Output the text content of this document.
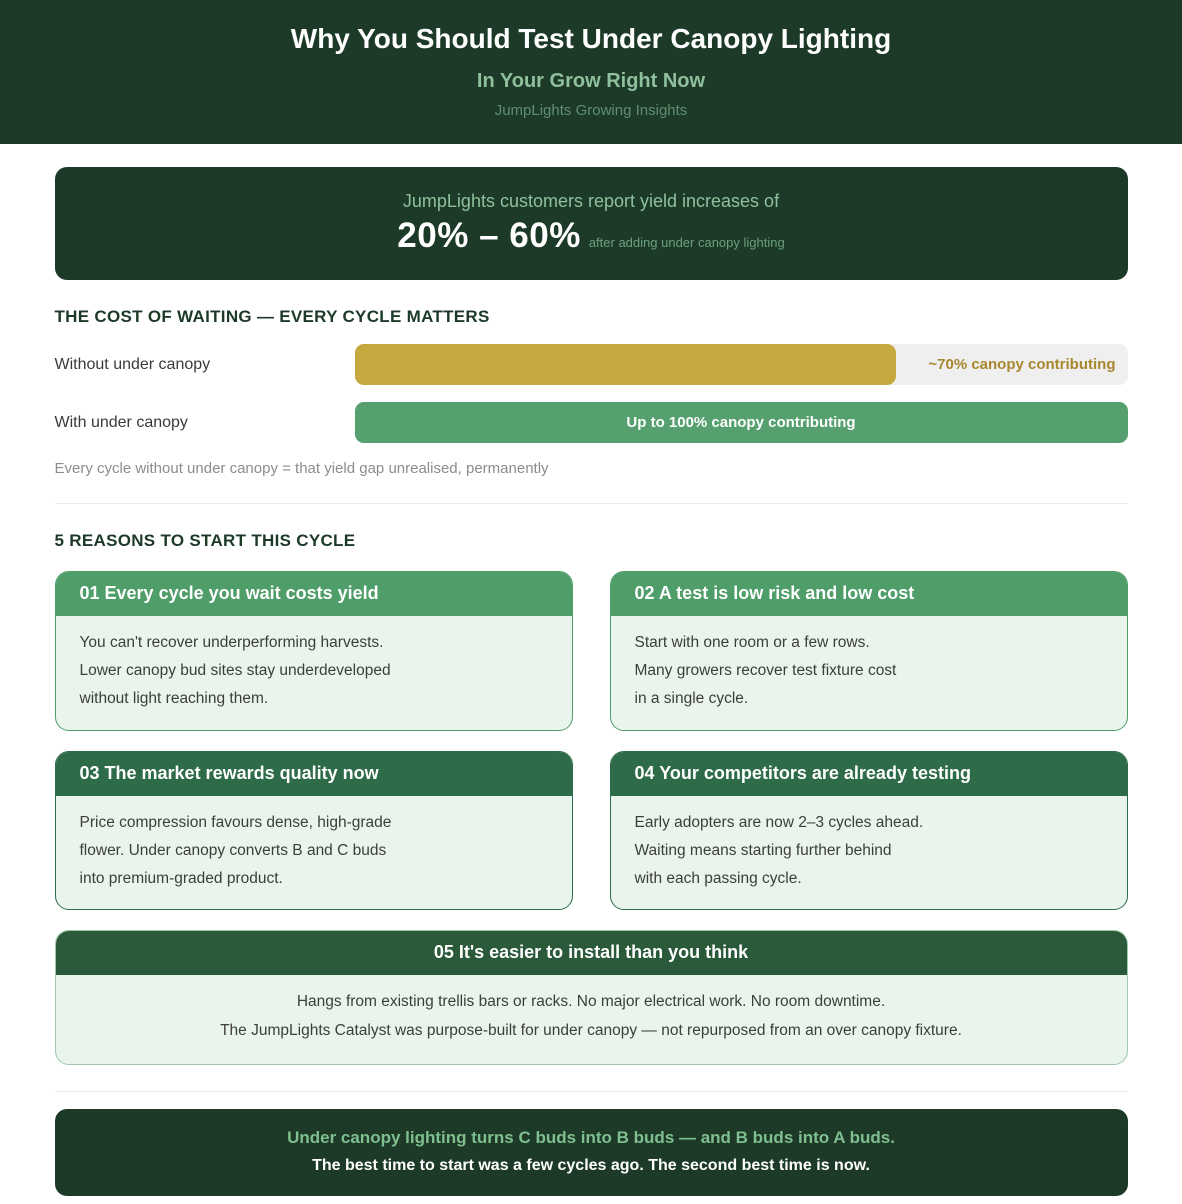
Why You Should Test Under Canopy Lighting
In Your Grow Right Now
JumpLights Growing Insights
JumpLights customers report yield increases of
20% – 60% after adding under canopy lighting
THE COST OF WAITING — EVERY CYCLE MATTERS
Without under canopy	~70% canopy contributing
With under canopy	Up to 100% canopy contributing
Every cycle without under canopy = that yield gap unrealised, permanently
5 REASONS TO START THIS CYCLE
01 Every cycle you wait costs yield
You can't recover underperforming harvests.
Lower canopy bud sites stay underdeveloped
without light reaching them.
02 A test is low risk and low cost
Start with one room or a few rows.
Many growers recover test fixture cost
in a single cycle.
03 The market rewards quality now
Price compression favours dense, high-grade
flower. Under canopy converts B and C buds
into premium-graded product.
04 Your competitors are already testing
Early adopters are now 2–3 cycles ahead.
Waiting means starting further behind
with each passing cycle.
05 It's easier to install than you think
Hangs from existing trellis bars or racks. No major electrical work. No room downtime.
The JumpLights Catalyst was purpose-built for under canopy — not repurposed from an over canopy fixture.
Under canopy lighting turns C buds into B buds — and B buds into A buds.
The best time to start was a few cycles ago. The second best time is now.
